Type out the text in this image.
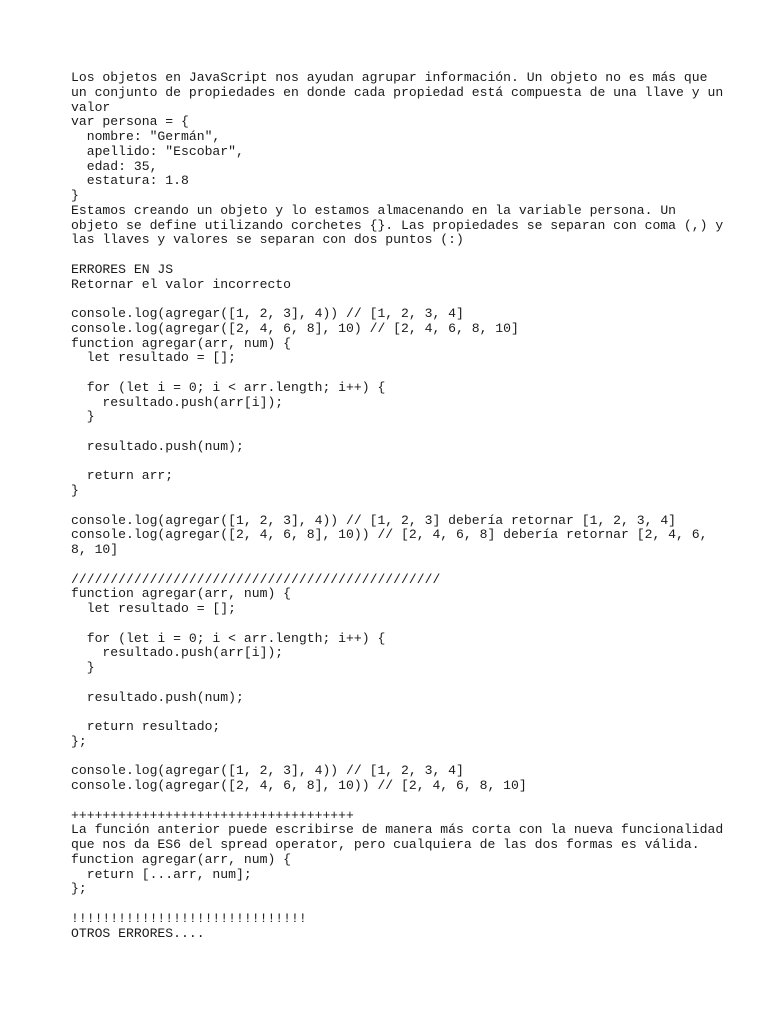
Los objetos en JavaScript nos ayudan agrupar información. Un objeto no es más que
un conjunto de propiedades en donde cada propiedad está compuesta de una llave y un
valor
var persona = {
nombre: "Germán",
apellido: "Escobar",
edad: 35,
estatura: 1.8
}
Estamos creando un objeto y lo estamos almacenando en la variable persona. Un
objeto se define utilizando corchetes {}. Las propiedades se separan con coma (,) y
las llaves y valores se separan con dos puntos (:)
ERRORES EN JS
Retornar el valor incorrecto
console.log(agregar([1, 2, 3], 4)) // [1, 2, 3, 4]
console.log(agregar([2, 4, 6, 8], 10) // [2, 4, 6, 8, 10]
function agregar(arr, num) {
let resultado = [];
for (let i = 0; i < arr.length; i++) {
resultado.push(arr[i]);
}
resultado.push(num);
return arr;
}
console.log(agregar([1, 2, 3], 4)) // [1, 2, 3] debería retornar [1, 2, 3, 4]
console.log(agregar([2, 4, 6, 8], 10)) // [2, 4, 6, 8] debería retornar [2, 4, 6,
8, 10]
///////////////////////////////////////////////
function agregar(arr, num) {
let resultado = [];
for (let i = 0; i < arr.length; i++) {
resultado.push(arr[i]);
}
resultado.push(num);
return resultado;
};
console.log(agregar([1, 2, 3], 4)) // [1, 2, 3, 4]
console.log(agregar([2, 4, 6, 8], 10)) // [2, 4, 6, 8, 10]
++++++++++++++++++++++++++++++++++++
La función anterior puede escribirse de manera más corta con la nueva funcionalidad
que nos da ES6 del spread operator, pero cualquiera de las dos formas es válida.
function agregar(arr, num) {
return [...arr, num];
};
!!!!!!!!!!!!!!!!!!!!!!!!!!!!!!
OTROS ERRORES....
